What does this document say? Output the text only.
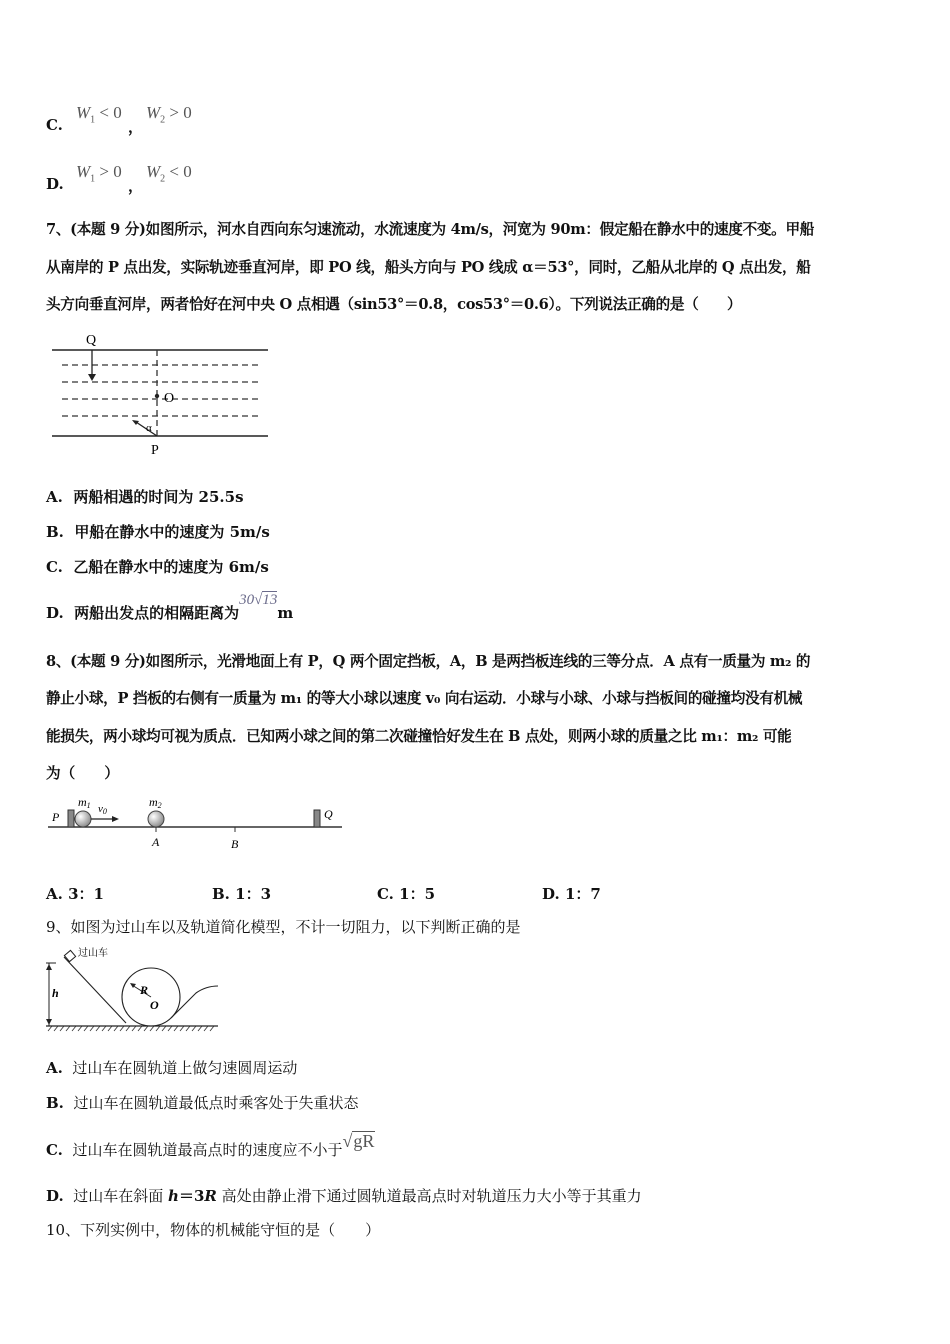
C.
$W_1 < 0$
，
$W_2 > 0$
D.
$W_1 > 0$
，
$W_2 < 0$
7、(本题 9 分)如图所示，河水自西向东匀速流动，水流速度为 4m/s，河宽为 90m：假定船在静水中的速度不变。甲船
从南岸的 P 点出发，实际轨迹垂直河岸，即 PO 线，船头方向与 PO 线成 α＝53°，同时，乙船从北岸的 Q 点出发，船
头方向垂直河岸，两者恰好在河中央 O 点相遇（sin53°＝0.8，cos53°＝0.6）。下列说法正确的是（　　）
Q
O
P
α
A. 两船相遇的时间为 25.5s
B. 甲船在静水中的速度为 5m/s
C. 乙船在静水中的速度为 6m/s
D. 两船出发点的相隔距离为30√13m
8、(本题 9 分)如图所示，光滑地面上有 P，Q 两个固定挡板，A，B 是两挡板连线的三等分点．A 点有一质量为 m₂ 的
静止小球，P 挡板的右侧有一质量为 m₁ 的等大小球以速度 v₀ 向右运动．小球与小球、小球与挡板间的碰撞均没有机械
能损失，两小球均可视为质点．已知两小球之间的第二次碰撞恰好发生在 B 点处，则两小球的质量之比 m₁：m₂ 可能
为（　　）
P	Q
m1 v0
m2
A	B
A. 3：1	B. 1：3	C. 1：5	D. 1：7
9、如图为过山车以及轨道简化模型，不计一切阻力，以下判断正确的是
过山车
h	R
O
A. 过山车在圆轨道上做匀速圆周运动
B. 过山车在圆轨道最低点时乘客处于失重状态
C. 过山车在圆轨道最高点时的速度应不小于√gR
D. 过山车在斜面 h＝3R 高处由静止滑下通过圆轨道最高点时对轨道压力大小等于其重力
10、下列实例中，物体的机械能守恒的是（　　）
